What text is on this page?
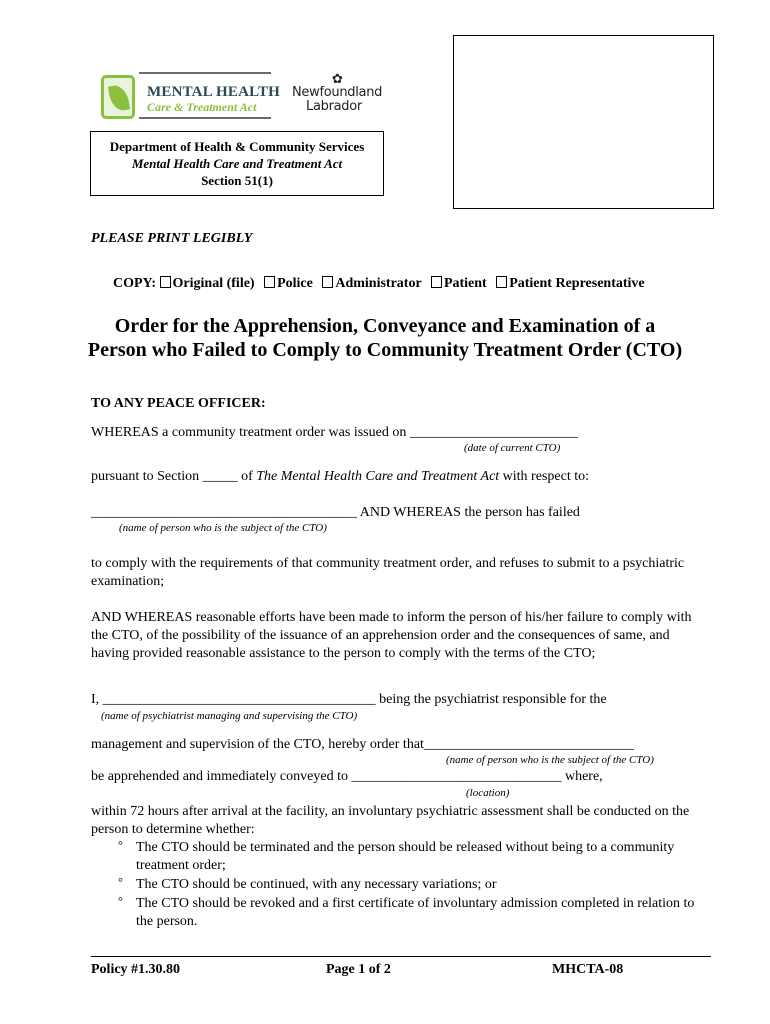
MENTAL HEALTH
Care & Treatment Act
✿
Newfoundland
Labrador
Department of Health & Community Services
Mental Health Care and Treatment Act
Section 51(1)
PLEASE PRINT LEGIBLY
COPY: Original (file) Police Administrator Patient Patient Representative
Order for the Apprehension, Conveyance and Examination of a
Person who Failed to Comply to Community Treatment Order (CTO)
TO ANY PEACE OFFICER:
WHEREAS a community treatment order was issued on ________________________
(date of current CTO)
pursuant to Section _____ of The Mental Health Care and Treatment Act with respect to:
______________________________________ AND WHEREAS the person has failed
(name of person who is the subject of the CTO)
to comply with the requirements of that community treatment order, and refuses to submit to a psychiatric examination;
AND WHEREAS reasonable efforts have been made to inform the person of his/her failure to comply with the CTO, of the possibility of the issuance of an apprehension order and the consequences of same, and having provided reasonable assistance to the person to comply with the terms of the CTO;
I, _______________________________________ being the psychiatrist responsible for the
(name of psychiatrist managing and supervising the CTO)
management and supervision of the CTO, hereby order that______________________________
(name of person who is the subject of the CTO)
be apprehended and immediately conveyed to ______________________________ where,
(location)
within 72 hours after arrival at the facility, an involuntary psychiatric assessment shall be conducted on the person to determine whether:
° The CTO should be terminated and the person should be released without being to a community treatment order;
° The CTO should be continued, with any necessary variations; or
° The CTO should be revoked and a first certificate of involuntary admission completed in relation to the person.
Policy #1.30.80	Page 1 of 2	MHCTA-08
